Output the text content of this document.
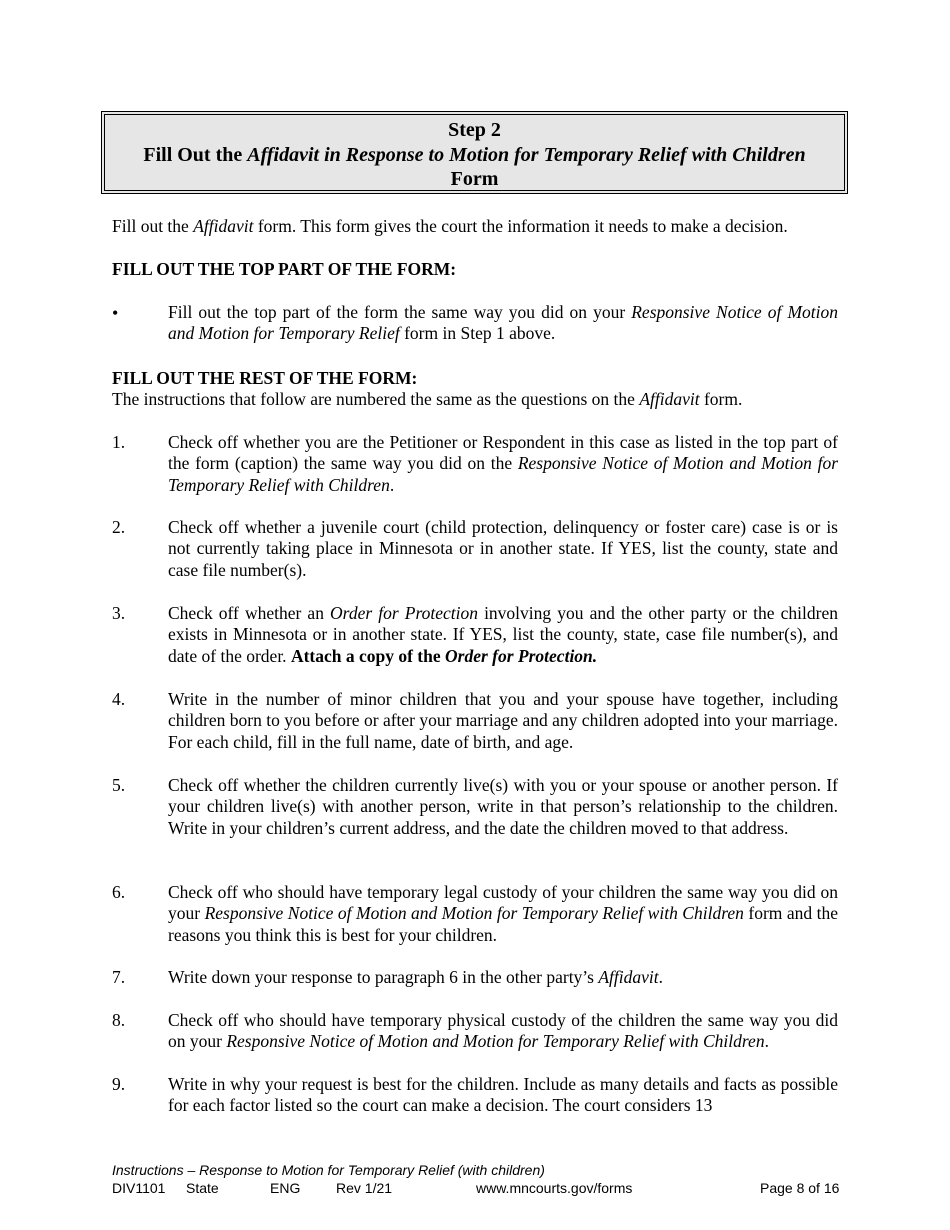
Step 2
Fill Out the Affidavit in Response to Motion for Temporary Relief with Children
Form
Fill out the Affidavit form. This form gives the court the information it needs to make a decision.
FILL OUT THE TOP PART OF THE FORM:
•	Fill out the top part of the form the same way you did on your Responsive Notice of Motion and Motion for Temporary Relief form in Step 1 above.
FILL OUT THE REST OF THE FORM:
The instructions that follow are numbered the same as the questions on the Affidavit form.
1. Check off whether you are the Petitioner or Respondent in this case as listed in the top part of the form (caption) the same way you did on the Responsive Notice of Motion and Motion for Temporary Relief with Children.
2. Check off whether a juvenile court (child protection, delinquency or foster care) case is or is not currently taking place in Minnesota or in another state. If YES, list the county, state and case file number(s).
3. Check off whether an Order for Protection involving you and the other party or the children exists in Minnesota or in another state. If YES, list the county, state, case file number(s), and date of the order. Attach a copy of the Order for Protection.
4. Write in the number of minor children that you and your spouse have together, including children born to you before or after your marriage and any children adopted into your marriage. For each child, fill in the full name, date of birth, and age.
5. Check off whether the children currently live(s) with you or your spouse or another person. If your children live(s) with another person, write in that person’s relationship to the children. Write in your children’s current address, and the date the children moved to that address.
6. Check off who should have temporary legal custody of your children the same way you did on your Responsive Notice of Motion and Motion for Temporary Relief with Children form and the reasons you think this is best for your children.
7. Write down your response to paragraph 6 in the other party’s Affidavit.
8. Check off who should have temporary physical custody of the children the same way you did on your Responsive Notice of Motion and Motion for Temporary Relief with Children.
9. Write in why your request is best for the children. Include as many details and facts as possible for each factor listed so the court can make a decision. The court considers 13
Instructions – Response to Motion for Temporary Relief (with children)
DIV1101 State	ENG	Rev 1/21	www.mncourts.gov/forms	Page 8 of 16
